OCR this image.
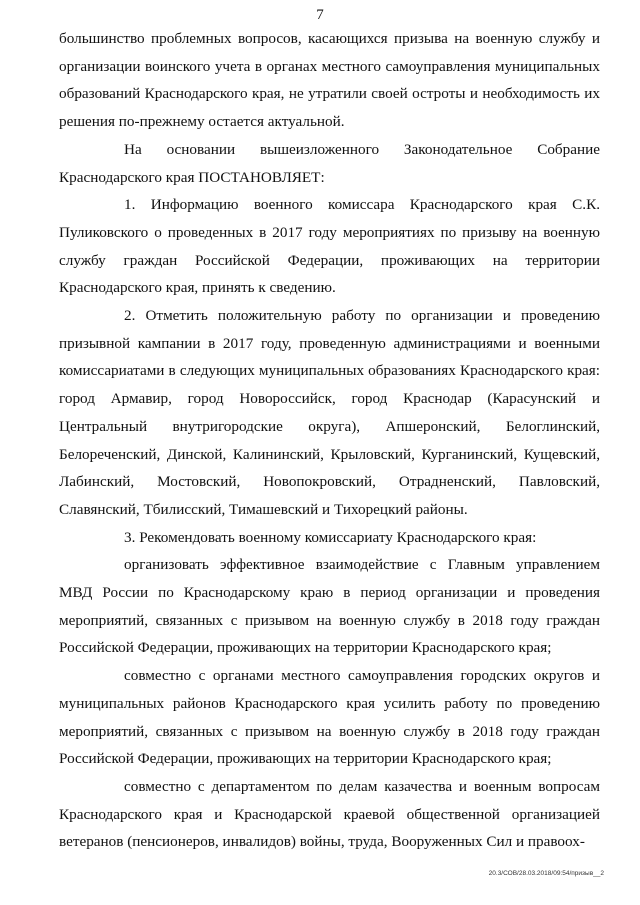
7

большинство проблемных вопросов, касающихся призыва на военную службу и организации воинского учета в органах местного самоуправления муниципальных образований Краснодарского края, не утратили своей остроты и необходимость их решения по-прежнему остается актуальной.

На основании вышеизложенного Законодательное Собрание Краснодарского края ПОСТАНОВЛЯЕТ:

1. Информацию военного комиссара Краснодарского края С.К. Пуликовского о проведенных в 2017 году мероприятиях по призыву на военную службу граждан Российской Федерации, проживающих на территории Краснодарского края, принять к сведению.

2. Отметить положительную работу по организации и проведению призывной кампании в 2017 году, проведенную администрациями и военными комиссариатами в следующих муниципальных образованиях Краснодарского края: город Армавир, город Новороссийск, город Краснодар (Карасунский и Центральный внутригородские округа), Апшеронский, Белоглинский, Белореченский, Динской, Калининский, Крыловский, Курганинский, Кущевский, Лабинский, Мостовский, Новопокровский, Отрадненский, Павловский, Славянский, Тбилисский, Тимашевский и Тихорецкий районы.

3. Рекомендовать военному комиссариату Краснодарского края:

организовать эффективное взаимодействие с Главным управлением МВД России по Краснодарскому краю в период организации и проведения мероприятий, связанных с призывом на военную службу в 2018 году граждан Российской Федерации, проживающих на территории Краснодарского края;

совместно с органами местного самоуправления городских округов и муниципальных районов Краснодарского края усилить работу по проведению мероприятий, связанных с призывом на военную службу в 2018 году граждан Российской Федерации, проживающих на территории Краснодарского края;

совместно с департаментом по делам казачества и военным вопросам Краснодарского края и Краснодарской краевой общественной организацией ветеранов (пенсионеров, инвалидов) войны, труда, Вооруженных Сил и правоох-

20.3/СОВ/28.03.2018/09:54/призыв__2
